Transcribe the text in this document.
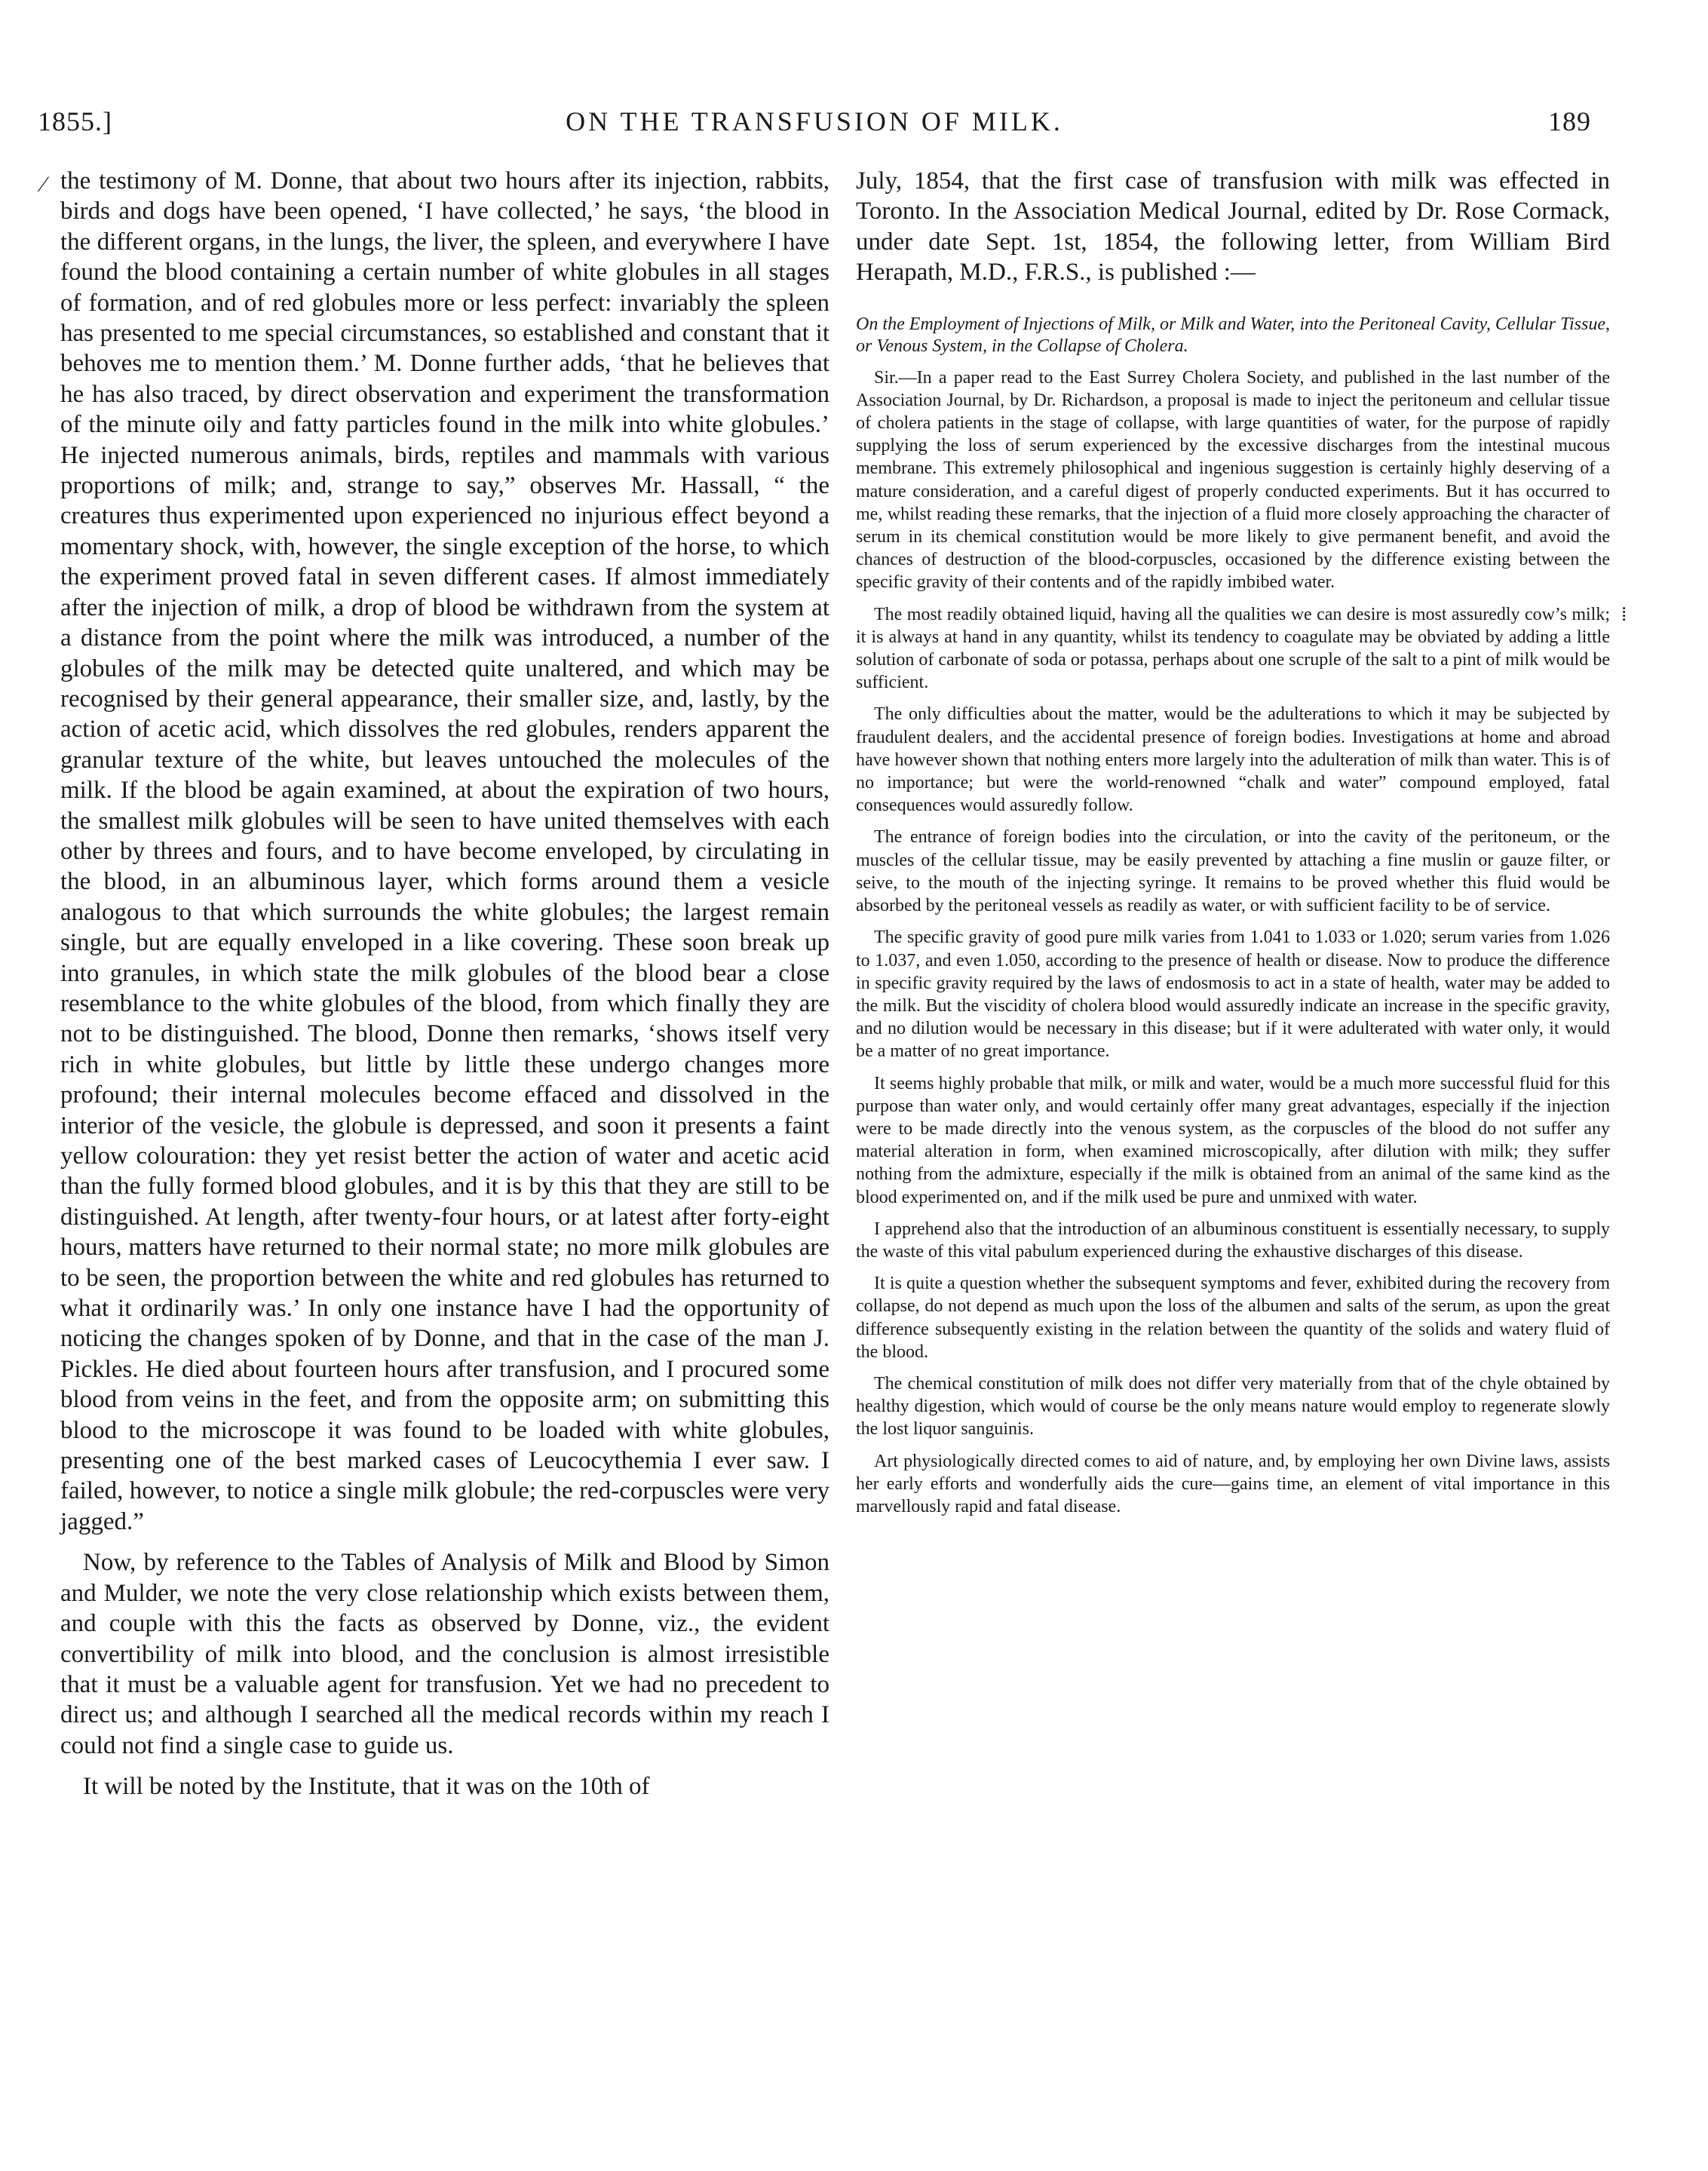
1855.]	ON THE TRANSFUSION OF MILK.	189
⁄
⁞

the testimony of M. Donne, that about two hours after its injection, rabbits, birds and dogs have been opened, ‘I have collected,’ he says, ‘the blood in the different organs, in the lungs, the liver, the spleen, and everywhere I have found the blood containing a certain number of white globules in all stages of formation, and of red globules more or less perfect: invariably the spleen has presented to me special circumstances, so established and constant that it behoves me to mention them.’ M. Donne further adds, ‘that he believes that he has also traced, by direct observation and experiment the transformation of the minute oily and fatty particles found in the milk into white globules.’ He injected numerous animals, birds, reptiles and mammals with various proportions of milk; and, strange to say,” observes Mr. Hassall, “ the creatures thus experimented upon experienced no injurious effect beyond a momentary shock, with, however, the single exception of the horse, to which the experiment proved fatal in seven different cases. If almost immediately after the injection of milk, a drop of blood be withdrawn from the system at a distance from the point where the milk was introduced, a number of the globules of the milk may be detected quite unaltered, and which may be recognised by their general appearance, their smaller size, and, lastly, by the action of acetic acid, which dissolves the red globules, renders apparent the granular texture of the white, but leaves untouched the molecules of the milk. If the blood be again examined, at about the expiration of two hours, the smallest milk globules will be seen to have united themselves with each other by threes and fours, and to have become enveloped, by circulating in the blood, in an albuminous layer, which forms around them a vesicle analogous to that which surrounds the white globules; the largest remain single, but are equally enveloped in a like covering. These soon break up into granules, in which state the milk globules of the blood bear a close resemblance to the white globules of the blood, from which finally they are not to be distinguished. The blood, Donne then remarks, ‘shows itself very rich in white globules, but little by little these undergo changes more profound; their internal molecules become effaced and dissolved in the interior of the vesicle, the globule is depressed, and soon it presents a faint yellow colouration: they yet resist better the action of water and acetic acid than the fully formed blood globules, and it is by this that they are still to be distinguished. At length, after twenty-four hours, or at latest after forty-eight hours, matters have returned to their normal state; no more milk globules are to be seen, the proportion between the white and red globules has returned to what it ordinarily was.’ In only one instance have I had the opportunity of noticing the changes spoken of by Donne, and that in the case of the man J. Pickles. He died about fourteen hours after transfusion, and I procured some blood from veins in the feet, and from the opposite arm; on submitting this blood to the microscope it was found to be loaded with white globules, presenting one of the best marked cases of Leucocythemia I ever saw. I failed, however, to notice a single milk globule; the red-corpuscles were very jagged.”

Now, by reference to the Tables of Analysis of Milk and Blood by Simon and Mulder, we note the very close relationship which exists between them, and couple with this the facts as observed by Donne, viz., the evident convertibility of milk into blood, and the conclusion is almost irresistible that it must be a valuable agent for transfusion. Yet we had no precedent to direct us; and although I searched all the medical records within my reach I could not find a single case to guide us.

It will be noted by the Institute, that it was on the 10th of

July, 1854, that the first case of transfusion with milk was effected in Toronto. In the Association Medical Journal, edited by Dr. Rose Cormack, under date Sept. 1st, 1854, the following letter, from William Bird Herapath, M.D., F.R.S., is published :—

On the Employment of Injections of Milk, or Milk and Water, into the Peritoneal Cavity, Cellular Tissue, or Venous System, in the Collapse of Cholera.

Sir.—In a paper read to the East Surrey Cholera Society, and published in the last number of the Association Journal, by Dr. Richardson, a proposal is made to inject the peritoneum and cellular tissue of cholera patients in the stage of collapse, with large quantities of water, for the purpose of rapidly supplying the loss of serum experienced by the excessive discharges from the intestinal mucous membrane. This extremely philosophical and ingenious suggestion is certainly highly deserving of a mature consideration, and a careful digest of properly conducted experiments. But it has occurred to me, whilst reading these remarks, that the injection of a fluid more closely approaching the character of serum in its chemical constitution would be more likely to give permanent benefit, and avoid the chances of destruction of the blood-corpuscles, occasioned by the difference existing between the specific gravity of their contents and of the rapidly imbibed water.

The most readily obtained liquid, having all the qualities we can desire is most assuredly cow’s milk; it is always at hand in any quantity, whilst its tendency to coagulate may be obviated by adding a little solution of carbonate of soda or potassa, perhaps about one scruple of the salt to a pint of milk would be sufficient.

The only difficulties about the matter, would be the adulterations to which it may be subjected by fraudulent dealers, and the accidental presence of foreign bodies. Investigations at home and abroad have however shown that nothing enters more largely into the adulteration of milk than water. This is of no importance; but were the world-renowned “chalk and water” compound employed, fatal consequences would assuredly follow.

The entrance of foreign bodies into the circulation, or into the cavity of the peritoneum, or the muscles of the cellular tissue, may be easily prevented by attaching a fine muslin or gauze filter, or seive, to the mouth of the injecting syringe. It remains to be proved whether this fluid would be absorbed by the peritoneal vessels as readily as water, or with sufficient facility to be of service.

The specific gravity of good pure milk varies from 1.041 to 1.033 or 1.020; serum varies from 1.026 to 1.037, and even 1.050, according to the presence of health or disease. Now to produce the difference in specific gravity required by the laws of endosmosis to act in a state of health, water may be added to the milk. But the viscidity of cholera blood would assuredly indicate an increase in the specific gravity, and no dilution would be necessary in this disease; but if it were adulterated with water only, it would be a matter of no great importance.

It seems highly probable that milk, or milk and water, would be a much more successful fluid for this purpose than water only, and would certainly offer many great advantages, especially if the injection were to be made directly into the venous system, as the corpuscles of the blood do not suffer any material alteration in form, when examined microscopically, after dilution with milk; they suffer nothing from the admixture, especially if the milk is obtained from an animal of the same kind as the blood experimented on, and if the milk used be pure and unmixed with water.

I apprehend also that the introduction of an albuminous constituent is essentially necessary, to supply the waste of this vital pabulum experienced during the exhaustive discharges of this disease.

It is quite a question whether the subsequent symptoms and fever, exhibited during the recovery from collapse, do not depend as much upon the loss of the albumen and salts of the serum, as upon the great difference subsequently existing in the relation between the quantity of the solids and watery fluid of the blood.

The chemical constitution of milk does not differ very materially from that of the chyle obtained by healthy digestion, which would of course be the only means nature would employ to regenerate slowly the lost liquor sanguinis.

Art physiologically directed comes to aid of nature, and, by employing her own Divine laws, assists her early efforts and wonderfully aids the cure—gains time, an element of vital importance in this marvellously rapid and fatal disease.
